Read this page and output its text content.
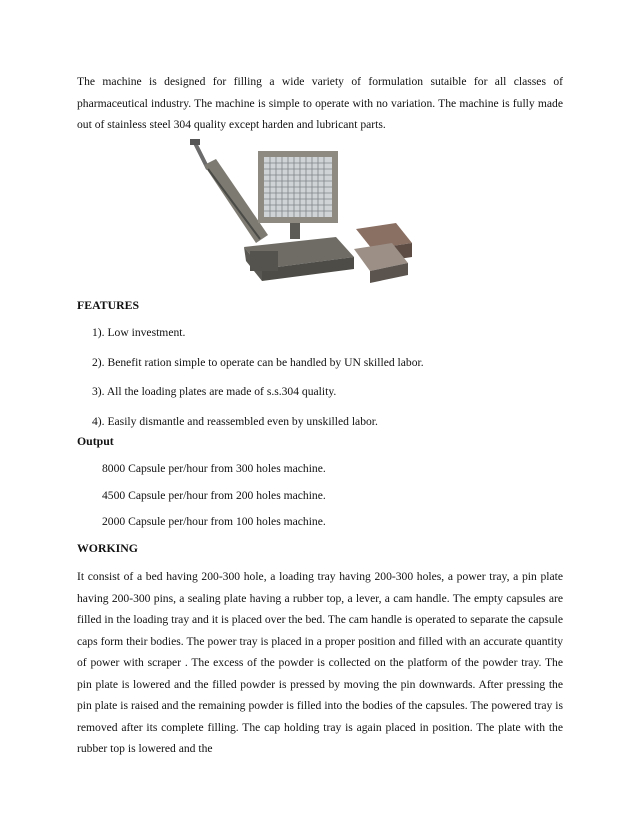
The machine is designed for filling a wide variety of formulation sutaible for all classes of pharmaceutical industry. The machine is simple to operate with no variation. The machine is fully made out of stainless steel 304 quality except harden and lubricant parts.

FEATURES

1). Low investment.
2). Benefit ration simple to operate can be handled by UN skilled labor.
3). All the loading plates are made of s.s.304 quality.
4). Easily dismantle and reassembled even by unskilled labor.

Output

8000 Capsule per/hour from 300 holes machine.
4500 Capsule per/hour from 200 holes machine.
2000 Capsule per/hour from 100 holes machine.

WORKING

It consist of a bed having 200-300 hole, a loading tray having 200-300 holes, a power tray, a pin plate having 200-300 pins, a sealing plate having a rubber top, a lever, a cam handle. The empty capsules are filled in the loading tray and it is placed over the bed. The cam handle is operated to separate the capsule caps form their bodies. The power tray is placed in a proper position and filled with an accurate quantity of power with scraper . The excess of the powder is collected on the platform of the powder tray. The pin plate is lowered and the filled powder is pressed by moving the pin downwards. After pressing the pin plate is raised and the remaining powder is filled into the bodies of the capsules. The powered tray is removed after its complete filling. The cap holding tray is again placed in position. The plate with the rubber top is lowered and the
